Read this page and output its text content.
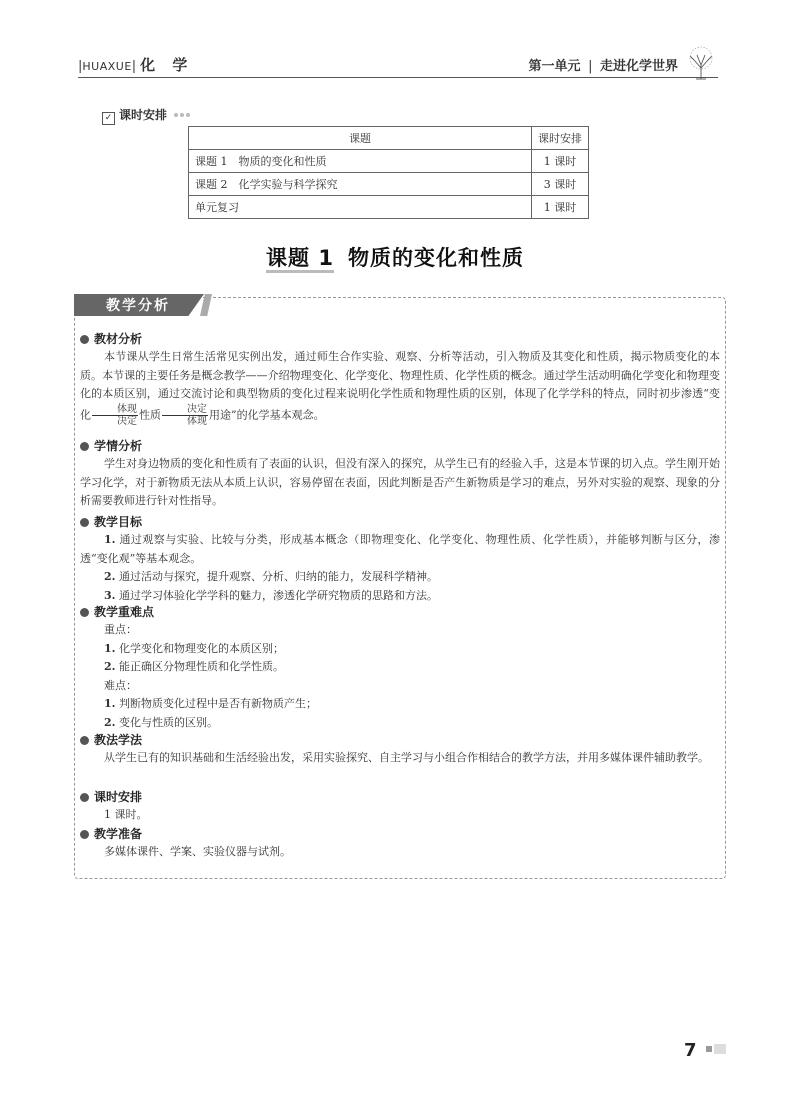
|HUAXUE| 化 学	第一单元 | 走进化学世界
✓ 课时安排
课题	课时安排
课题 1　物质的变化和性质	1 课时
课题 2　化学实验与科学探究	3 课时
单元复习	1 课时
课题 1 物质的变化和性质
教学分析
教材分析
本节课从学生日常生活常见实例出发，通过师生合作实验、观察、分析等活动，引入物质及其变化和性质，揭示物质变化的本质。本节课的主要任务是概念教学——介绍物理变化、化学变化、物理性质、化学性质的概念。通过学生活动明确化学变化和物理变化的本质区别，通过交流讨论和典型物质的变化过程来说明化学性质和物理性质的区别，体现了化学学科的特点，同时初步渗透“变化 $\frac{\text{体现}}{\text{决定}}$ 性质 $\frac{\text{决定}}{\text{体现}}$ 用途”的化学基本观念。
学情分析
学生对身边物质的变化和性质有了表面的认识，但没有深入的探究，从学生已有的经验入手，这是本节课的切入点。学生刚开始学习化学，对于新物质无法从本质上认识，容易停留在表面，因此判断是否产生新物质是学习的难点，另外对实验的观察、现象的分析需要教师进行针对性指导。
教学目标
1. 通过观察与实验、比较与分类，形成基本概念（即物理变化、化学变化、物理性质、化学性质），并能够判断与区分，渗透“变化观”等基本观念。
2. 通过活动与探究，提升观察、分析、归纳的能力，发展科学精神。
3. 通过学习体验化学学科的魅力，渗透化学研究物质的思路和方法。
教学重难点
重点：
1. 化学变化和物理变化的本质区别；
2. 能正确区分物理性质和化学性质。
难点：
1. 判断物质变化过程中是否有新物质产生；
2. 变化与性质的区别。
教法学法
从学生已有的知识基础和生活经验出发，采用实验探究、自主学习与小组合作相结合的教学方法，并用多媒体课件辅助教学。
课时安排
1 课时。
教学准备
多媒体课件、学案、实验仪器与试剂。
7
